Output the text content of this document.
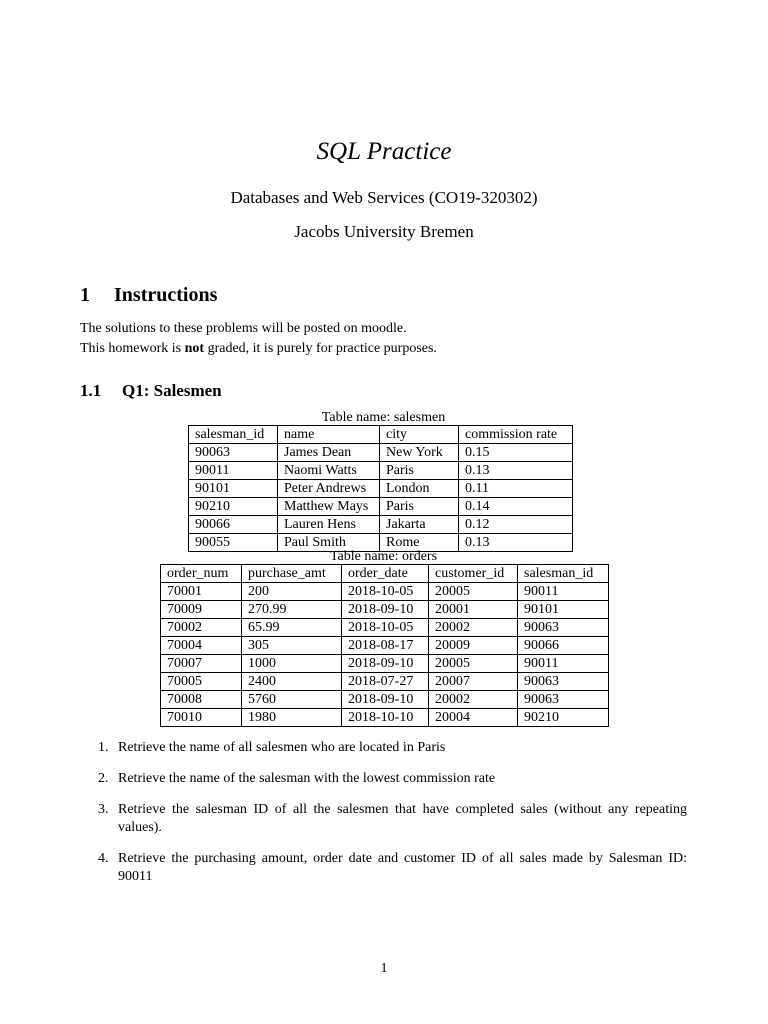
SQL Practice
Databases and Web Services (CO19-320302)
Jacobs University Bremen
1 Instructions
The solutions to these problems will be posted on moodle.
This homework is not graded, it is purely for practice purposes.
1.1 Q1: Salesmen
Table name: salesmen
salesman_id	name	city	commission rate
90063	James Dean	New York	0.15
90011	Naomi Watts	Paris	0.13
90101	Peter Andrews	London	0.11
90210	Matthew Mays	Paris	0.14
90066	Lauren Hens	Jakarta	0.12
90055	Paul Smith	Rome	0.13
Table name: orders
order_num	purchase_amt	order_date	customer_id	salesman_id
70001	200	2018-10-05	20005	90011
70009	270.99	2018-09-10	20001	90101
70002	65.99	2018-10-05	20002	90063
70004	305	2018-08-17	20009	90066
70007	1000	2018-09-10	20005	90011
70005	2400	2018-07-27	20007	90063
70008	5760	2018-09-10	20002	90063
70010	1980	2018-10-10	20004	90210
1. Retrieve the name of all salesmen who are located in Paris
2. Retrieve the name of the salesman with the lowest commission rate
3. Retrieve the salesman ID of all the salesmen that have completed sales (without any repeating values).
4. Retrieve the purchasing amount, order date and customer ID of all sales made by Salesman ID: 90011
1
